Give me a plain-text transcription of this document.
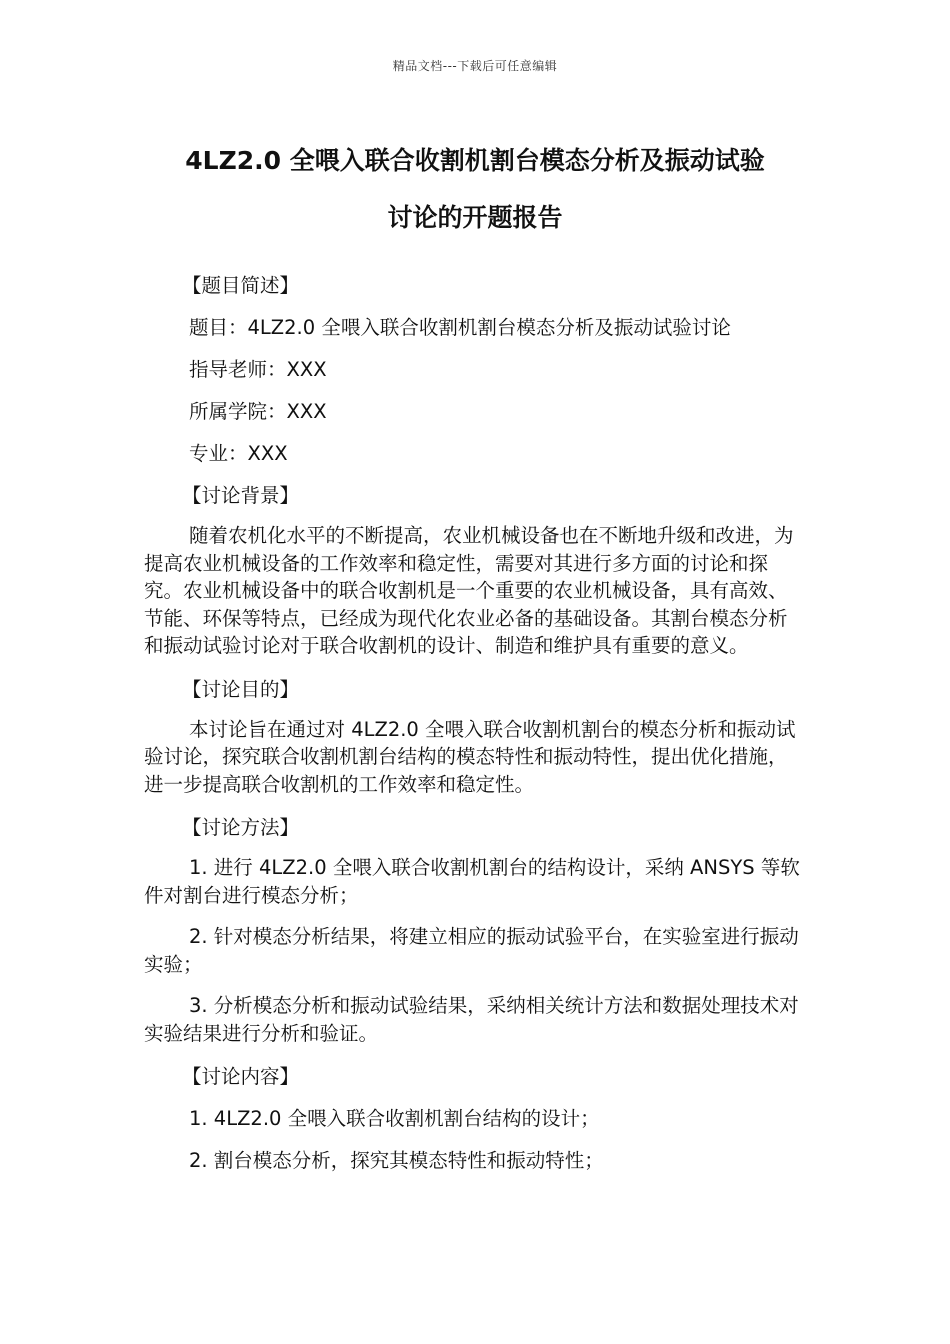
精品文档---下载后可任意编辑
4LZ2.0 全喂入联合收割机割台模态分析及振动试验
讨论的开题报告

【题目简述】

题目：4LZ2.0 全喂入联合收割机割台模态分析及振动试验讨论

指导老师：XXX

所属学院：XXX

专业：XXX

【讨论背景】

随着农机化水平的不断提高，农业机械设备也在不断地升级和改进，为提高农业机械设备的工作效率和稳定性，需要对其进行多方面的讨论和探究。农业机械设备中的联合收割机是一个重要的农业机械设备，具有高效、节能、环保等特点，已经成为现代化农业必备的基础设备。其割台模态分析和振动试验讨论对于联合收割机的设计、制造和维护具有重要的意义。

【讨论目的】

本讨论旨在通过对 4LZ2.0 全喂入联合收割机割台的模态分析和振动试验讨论，探究联合收割机割台结构的模态特性和振动特性，提出优化措施，进一步提高联合收割机的工作效率和稳定性。

【讨论方法】

1. 进行 4LZ2.0 全喂入联合收割机割台的结构设计，采纳 ANSYS 等软件对割台进行模态分析；

2. 针对模态分析结果，将建立相应的振动试验平台，在实验室进行振动实验；

3. 分析模态分析和振动试验结果，采纳相关统计方法和数据处理技术对实验结果进行分析和验证。

【讨论内容】

1. 4LZ2.0 全喂入联合收割机割台结构的设计；

2. 割台模态分析，探究其模态特性和振动特性；
